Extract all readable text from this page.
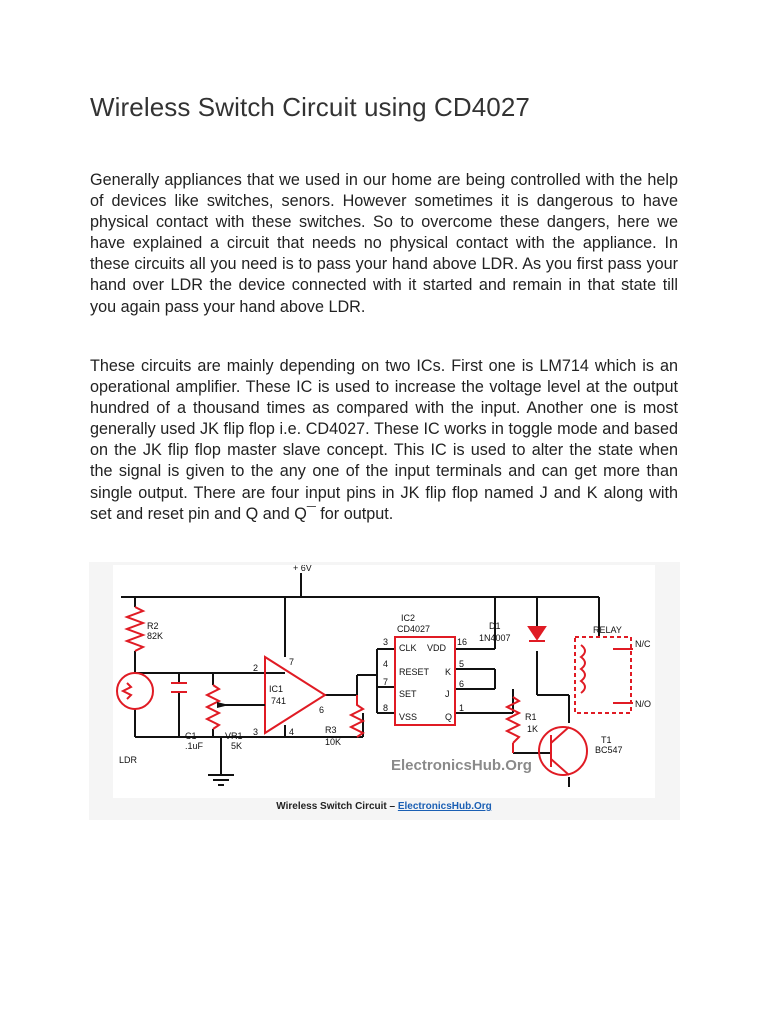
Wireless Switch Circuit using CD4027

Generally appliances that we used in our home are being controlled with the help of devices like switches, senors. However sometimes it is dangerous to have physical contact with these switches. So to overcome these dangers, here we have explained a circuit that needs no physical contact with the appliance. In these circuits all you need is to pass your hand above LDR. As you first pass your hand over LDR the device connected with it started and remain in that state till you again pass your hand above LDR.

These circuits are mainly depending on two ICs. First one is LM714 which is an operational amplifier. These IC is used to increase the voltage level at the output hundred of a thousand times as compared with the input. Another one is most generally used JK flip flop i.e. CD4027. These IC works in toggle mode and based on the JK flip flop master slave concept. This IC is used to alter the state when the signal is given to the any one of the input terminals and can get more than single output. There are four input pins in JK flip flop named J and K along with set and reset pin and Q and Q¯ for output.

+ 6V
R2
82K
LDR
C1
.1uF
VR1
5K
IC1
741
2
3	4
6
7
R3
10K
IC2
CD4027
CLK VDD
RESET K
SET	J
VSS	Q
3
4
7
8
16
5
6
1
D1
1N4007
RELAY
N/C
N/O
R1
1K
T1
BC547
ElectronicsHub.Org
Wireless Switch Circuit – ElectronicsHub.Org
